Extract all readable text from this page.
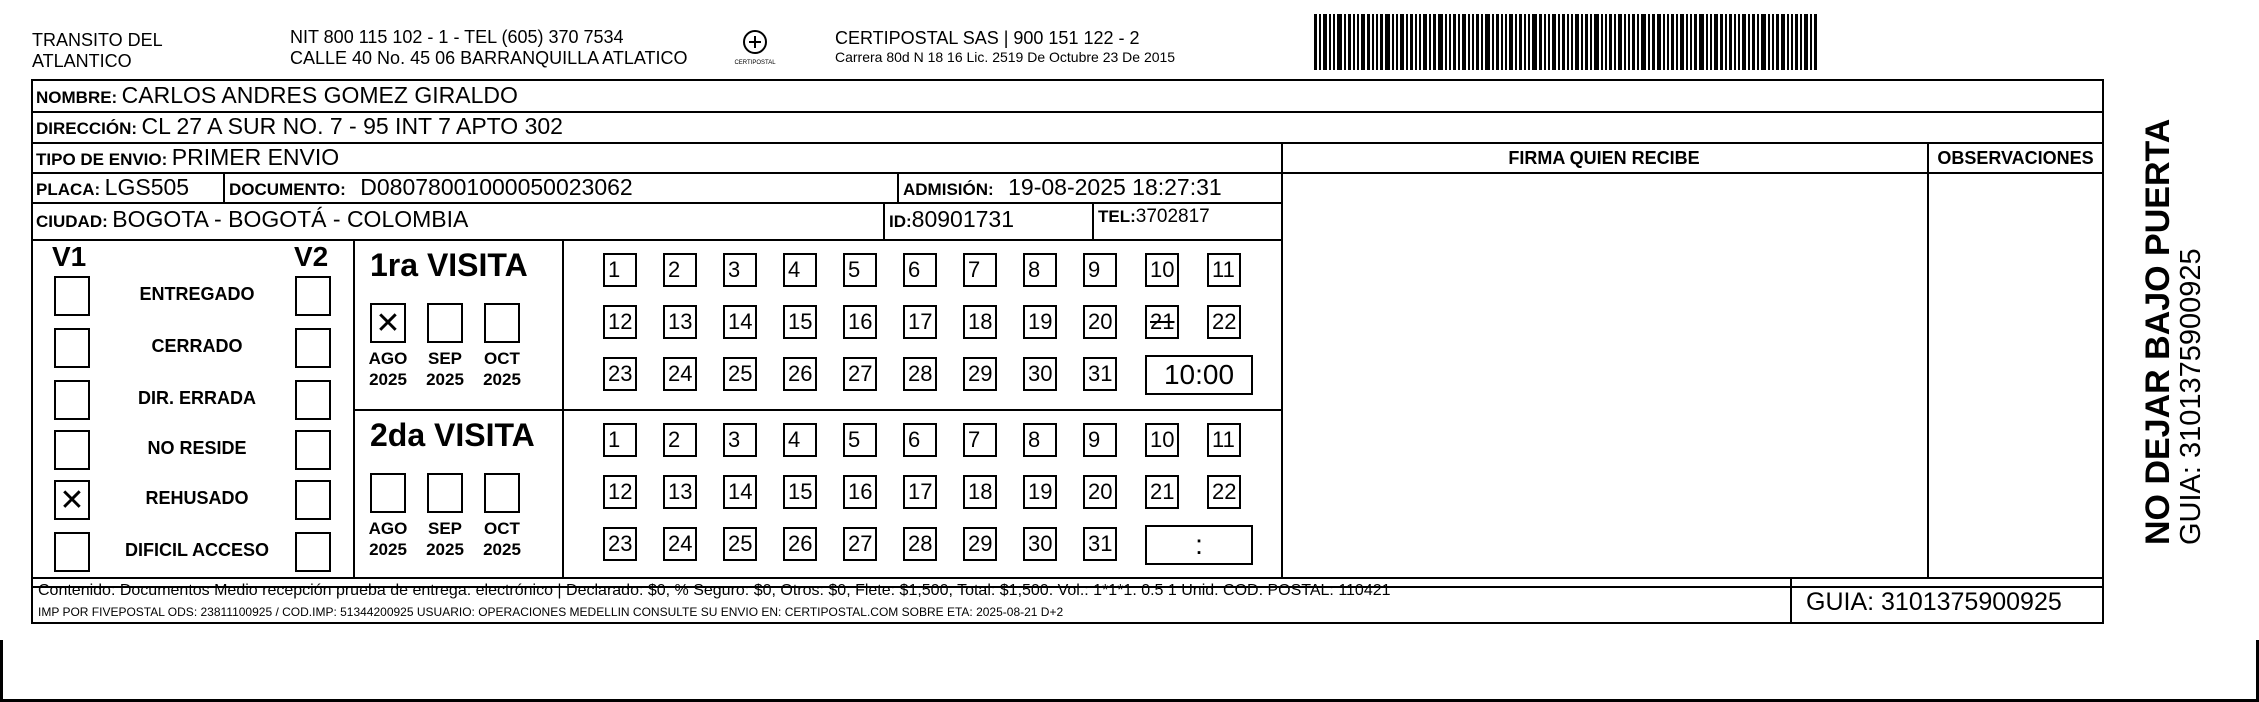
TRANSITO DEL
ATLANTICO
NIT 800 115 102 - 1 - TEL (605) 370 7534
CALLE 40 No. 45 06 BARRANQUILLA ATLATICO	CERTIPOSTAL
CERTIPOSTAL SAS | 900 151 122 - 2
Carrera 80d N 18 16 Lic. 2519 De Octubre 23 De 2015
NOMBRE: CARLOS ANDRES GOMEZ GIRALDO
DIRECCIÓN: CL 27 A SUR NO. 7 - 95 INT 7 APTO 302
TIPO DE ENVIO: PRIMER ENVIO	FIRMA QUIEN RECIBE	OBSERVACIONES
PLACA: LGS505 DOCUMENTO: D08078001000050023062	ADMISIÓN: 19-08-2025 18:27:31
CIUDAD: BOGOTA - BOGOTÁ - COLOMBIA	ID:80901731	TEL:3702817
V1	V2
ENTREGADO
CERRADO
DIR. ERRADA
NO RESIDE
✕	REHUSADO
DIFICIL ACCESO
1ra VISITA
✕
AGO
2025
SEP
2025
OCT
2025
1	2	3	4	5	6	7	8	9	10 11
12 13 14 15 16 17 18 19 20 21 22
23 24 25 26 27 28 29 30 31	10:00
2da VISITA
AGO
2025
SEP
2025
OCT
2025
1	2	3	4	5	6	7	8	9	10 11
12 13 14 15 16 17 18 19 20 21 22
23 24 25 26 27 28 29 30 31	:
Contenido: Documentos Medio recepción prueba de entrega: electrónico | Declarado: $0, % Seguro: $0, Otros: $0, Flete: $1,500, Total: $1,500. Vol.: 1*1*1. 0.5 1 Unid. COD. POSTAL: 110421
IMP POR FIVEPOSTAL ODS: 23811100925 / COD.IMP: 51344200925 USUARIO: OPERACIONES MEDELLIN CONSULTE SU ENVIO EN: CERTIPOSTAL.COM SOBRE ETA: 2025-08-21 D+2	GUIA: 3101375900925
NO DEJAR BAJO PUERTA
GUIA: 3101375900925
